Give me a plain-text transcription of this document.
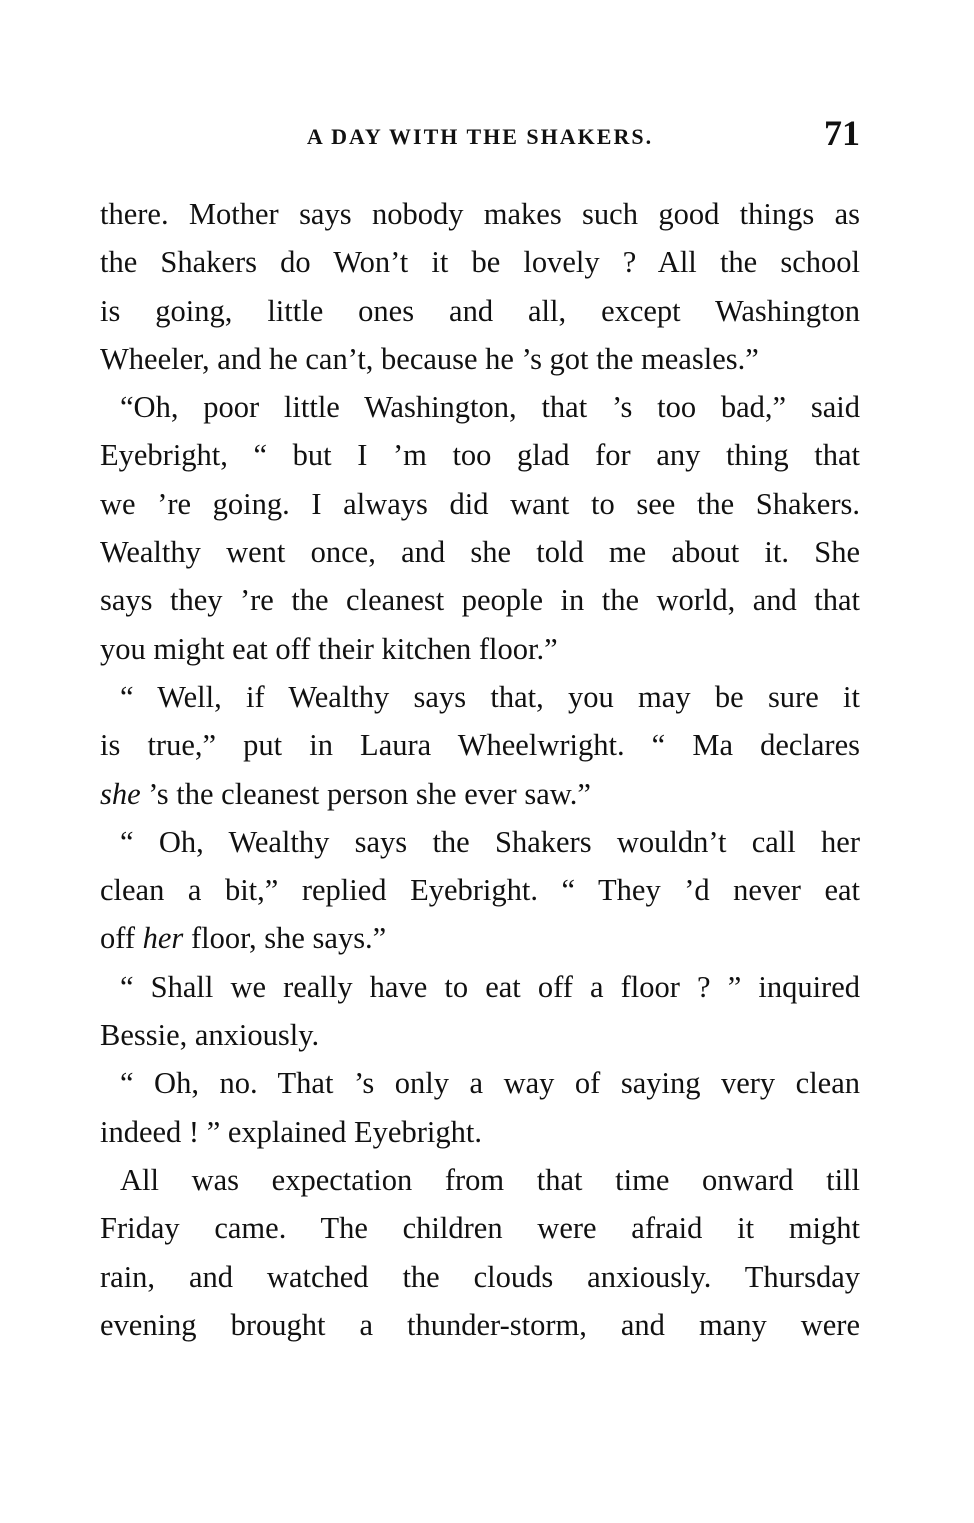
A DAY WITH THE SHAKERS.	71
there. Mother says nobody makes such good things as
the Shakers do Won’t it be lovely ? All the school
is going, little ones and all, except Washington
Wheeler, and he can’t, because he ’s got the measles.”
“Oh, poor little Washington, that ’s too bad,” said
Eyebright, “ but I ’m too glad for any thing that
we ’re going. I always did want to see the Shakers.
Wealthy went once, and she told me about it. She
says they ’re the cleanest people in the world, and that
you might eat off their kitchen floor.”
“ Well, if Wealthy says that, you may be sure it
is true,” put in Laura Wheelwright. “ Ma declares
she ’s the cleanest person she ever saw.”
“ Oh, Wealthy says the Shakers wouldn’t call her
clean a bit,” replied Eyebright. “ They ’d never eat
off her floor, she says.”
“ Shall we really have to eat off a floor ? ” inquired
Bessie, anxiously.
“ Oh, no. That ’s only a way of saying very clean
indeed ! ” explained Eyebright.
All was expectation from that time onward till
Friday came. The children were afraid it might
rain, and watched the clouds anxiously. Thursday
evening brought a thunder-storm, and many were
